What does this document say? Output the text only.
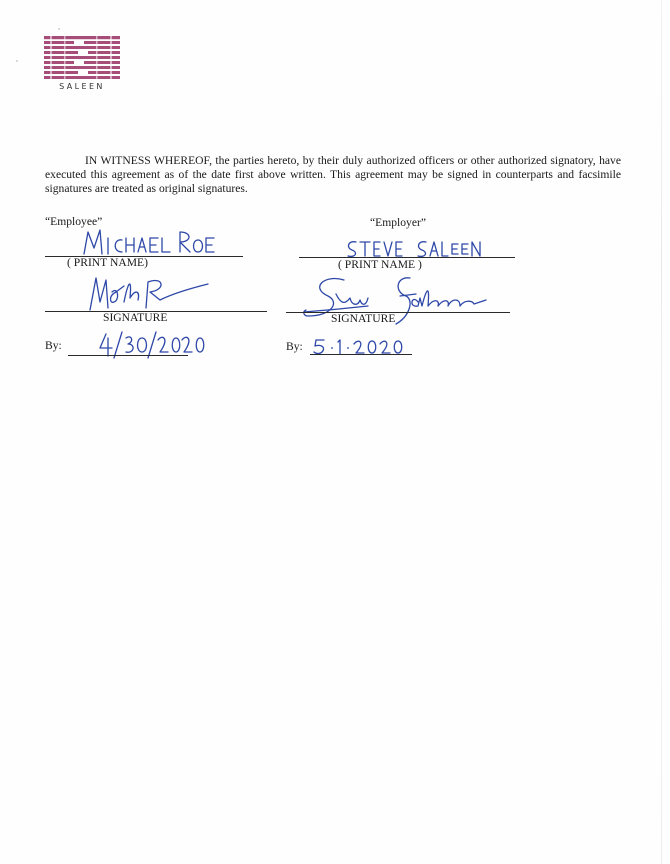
SALEEN

IN WITNESS WHEREOF, the parties hereto, by their duly authorized officers or other authorized signatory, have executed this agreement as of the date first above written. This agreement may be signed in counterparts and facsimile signatures are treated as original signatures.

“Employee”
( PRINT NAME)
SIGNATURE
By:
“Employer”
( PRINT NAME )
SIGNATURE
By:
